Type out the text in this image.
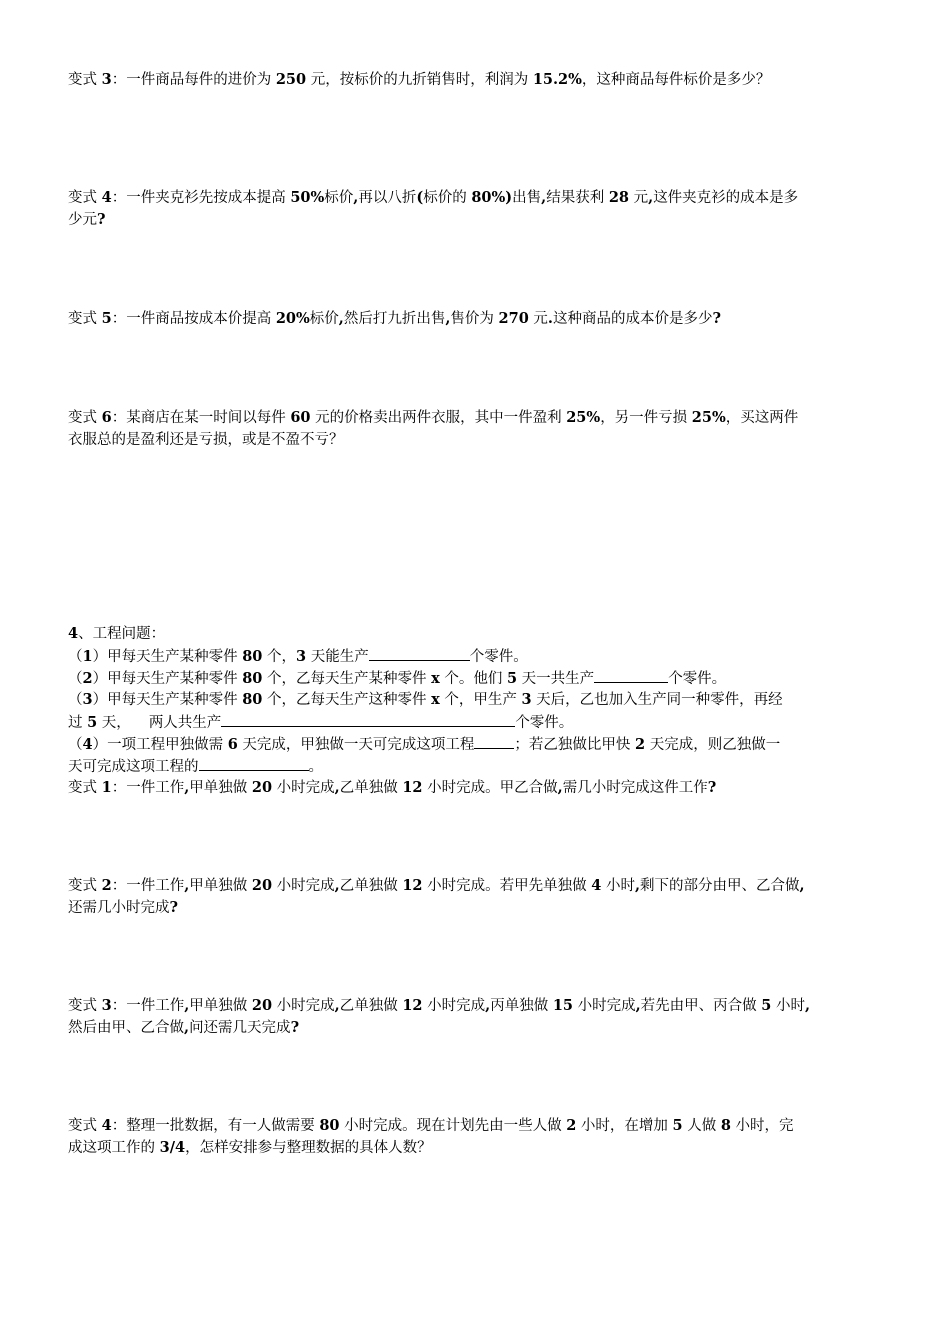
变式 3：一件商品每件的进价为 250 元，按标价的九折销售时，利润为 15.2%，这种商品每件标价是多少？
变式 4：一件夹克衫先按成本提高 50%标价,再以八折(标价的 80%)出售,结果获利 28 元,这件夹克衫的成本是多
少元?
变式 5：一件商品按成本价提高 20%标价,然后打九折出售,售价为 270 元.这种商品的成本价是多少?
变式 6：某商店在某一时间以每件 60 元的价格卖出两件衣服，其中一件盈利 25%，另一件亏损 25%，买这两件
衣服总的是盈利还是亏损，或是不盈不亏？
4、工程问题：
（1）甲每天生产某种零件 80 个，3 天能生产	个零件。
（2）甲每天生产某种零件 80 个，乙每天生产某种零件 x 个。他们 5 天一共生产	个零件。
（3）甲每天生产某种零件 80 个，乙每天生产这种零件 x 个，甲生产 3 天后，乙也加入生产同一种零件，再经
过 5 天， 两人共生产	个零件。
（4）一项工程甲独做需 6 天完成，甲独做一天可完成这项工程	；若乙独做比甲快 2 天完成，则乙独做一
天可完成这项工程的	。
变式 1：一件工作,甲单独做 20 小时完成,乙单独做 12 小时完成。甲乙合做,需几小时完成这件工作?
变式 2：一件工作,甲单独做 20 小时完成,乙单独做 12 小时完成。若甲先单独做 4 小时,剩下的部分由甲、乙合做,
还需几小时完成?
变式 3：一件工作,甲单独做 20 小时完成,乙单独做 12 小时完成,丙单独做 15 小时完成,若先由甲、丙合做 5 小时,
然后由甲、乙合做,问还需几天完成?
变式 4：整理一批数据，有一人做需要 80 小时完成。现在计划先由一些人做 2 小时，在增加 5 人做 8 小时，完
成这项工作的 3/4，怎样安排参与整理数据的具体人数？
